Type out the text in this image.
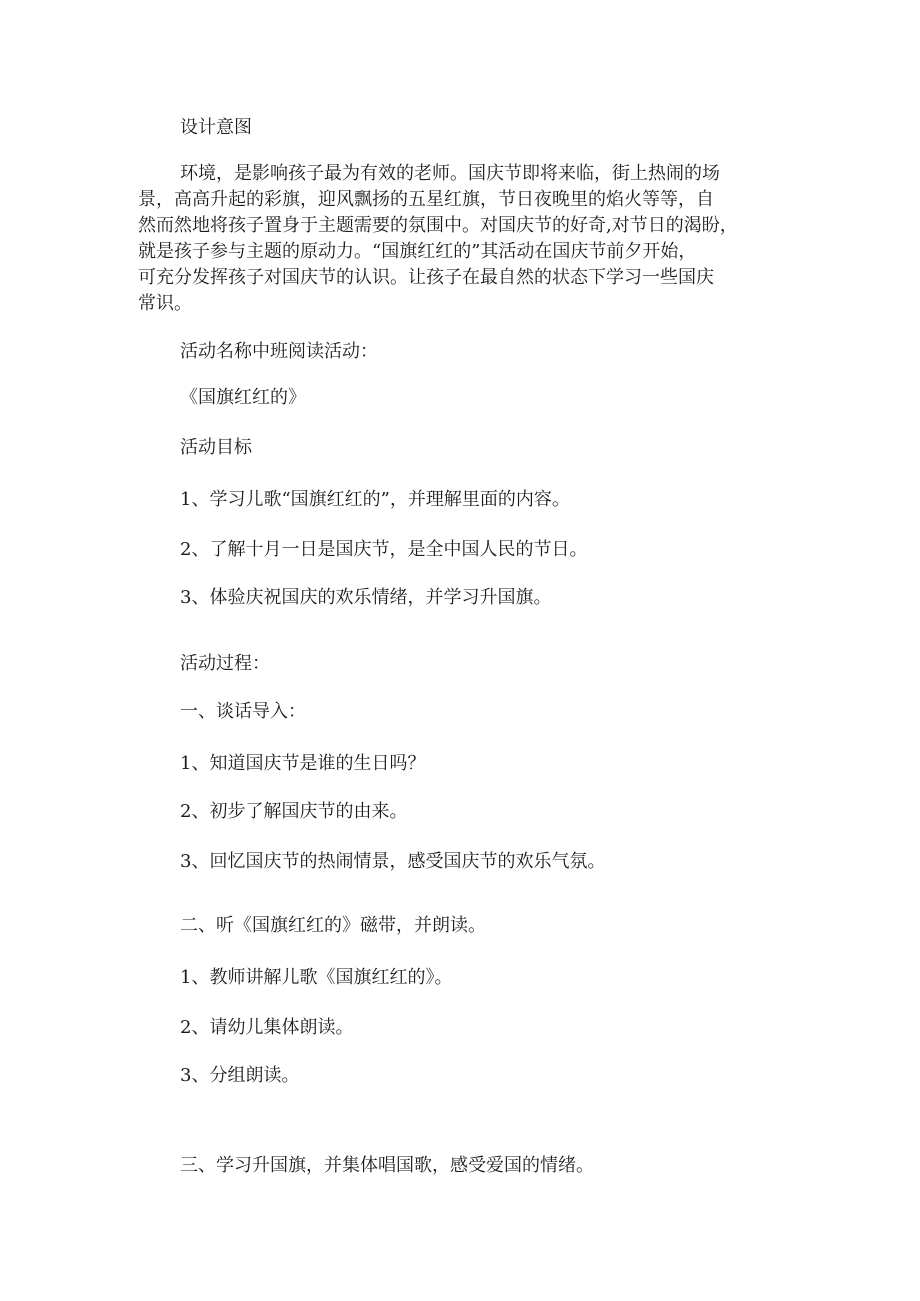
设计意图
环境，是影响孩子最为有效的老师。国庆节即将来临，街上热闹的场
景，高高升起的彩旗，迎风飘扬的五星红旗，节日夜晚里的焰火等等，自
然而然地将孩子置身于主题需要的氛围中。对国庆节的好奇,对节日的渴盼，
就是孩子参与主题的原动力。“国旗红红的”其活动在国庆节前夕开始，
可充分发挥孩子对国庆节的认识。让孩子在最自然的状态下学习一些国庆
常识。
活动名称中班阅读活动：
《国旗红红的》
活动目标
1、学习儿歌“国旗红红的”，并理解里面的内容。
2、了解十月一日是国庆节，是全中国人民的节日。
3、体验庆祝国庆的欢乐情绪，并学习升国旗。
活动过程：
一、谈话导入：
1、知道国庆节是谁的生日吗？
2、初步了解国庆节的由来。
3、回忆国庆节的热闹情景，感受国庆节的欢乐气氛。
二、听《国旗红红的》磁带，并朗读。
1、教师讲解儿歌《国旗红红的》。
2、请幼儿集体朗读。
3、分组朗读。
三、学习升国旗，并集体唱国歌，感受爱国的情绪。
